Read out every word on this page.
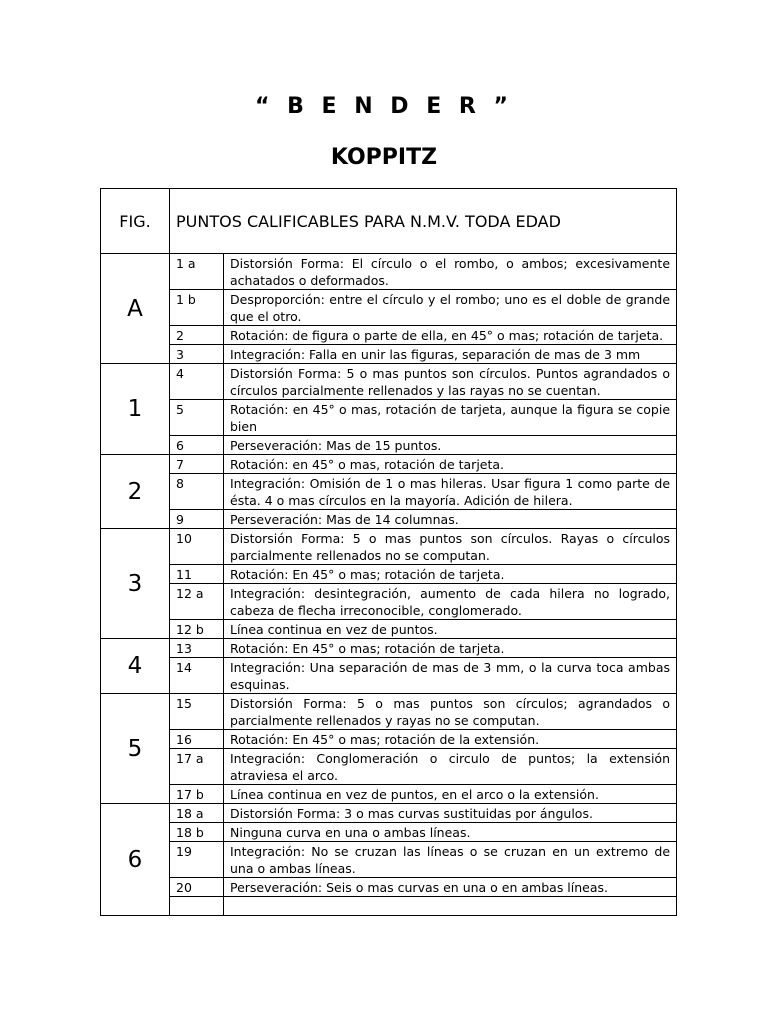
“ B E N D E R ”
KOPPITZ
FIG.	PUNTOS CALIFICABLES PARA N.M.V. TODA EDAD	
A	1 a	Distorsión Forma: El círculo o el rombo, o ambos; excesivamente achatados o deformados.
	1 b	Desproporción: entre el círculo y el rombo; uno es el doble de grande que el otro.
	2	Rotación: de figura o parte de ella, en 45° o mas; rotación de tarjeta.
	3	Integración: Falla en unir las figuras, separación de mas de 3 mm
1	4	Distorsión Forma: 5 o mas puntos son círculos. Puntos agrandados o círculos parcialmente rellenados y las rayas no se cuentan.
	5	Rotación: en 45° o mas, rotación de tarjeta, aunque la figura se copie bien
	6	Perseveración: Mas de 15 puntos.
2	7	Rotación: en 45° o mas, rotación de tarjeta.
	8	Integración: Omisión de 1 o mas hileras. Usar figura 1 como parte de ésta. 4 o mas círculos en la mayoría. Adición de hilera.
	9	Perseveración: Mas de 14 columnas.
3	10	Distorsión Forma: 5 o mas puntos son círculos. Rayas o círculos parcialmente rellenados no se computan.
	11	Rotación: En 45° o mas; rotación de tarjeta.
	12 a	Integración: desintegración, aumento de cada hilera no logrado, cabeza de flecha irreconocible, conglomerado.
	12 b	Línea continua en vez de puntos.
4	13	Rotación: En 45° o mas; rotación de tarjeta.
	14	Integración: Una separación de mas de 3 mm, o la curva toca ambas esquinas.
5	15	Distorsión Forma: 5 o mas puntos son círculos; agrandados o parcialmente rellenados y rayas no se computan.
	16	Rotación: En 45° o mas; rotación de la extensión.
	17 a	Integración: Conglomeración o circulo de puntos; la extensión atraviesa el arco.
	17 b	Línea continua en vez de puntos, en el arco o la extensión.
6	18 a	Distorsión Forma: 3 o mas curvas sustituidas por ángulos.
	18 b	Ninguna curva en una o ambas líneas.
	19	Integración: No se cruzan las líneas o se cruzan en un extremo de una o ambas líneas.
	20	Perseveración: Seis o mas curvas en una o en ambas líneas.
